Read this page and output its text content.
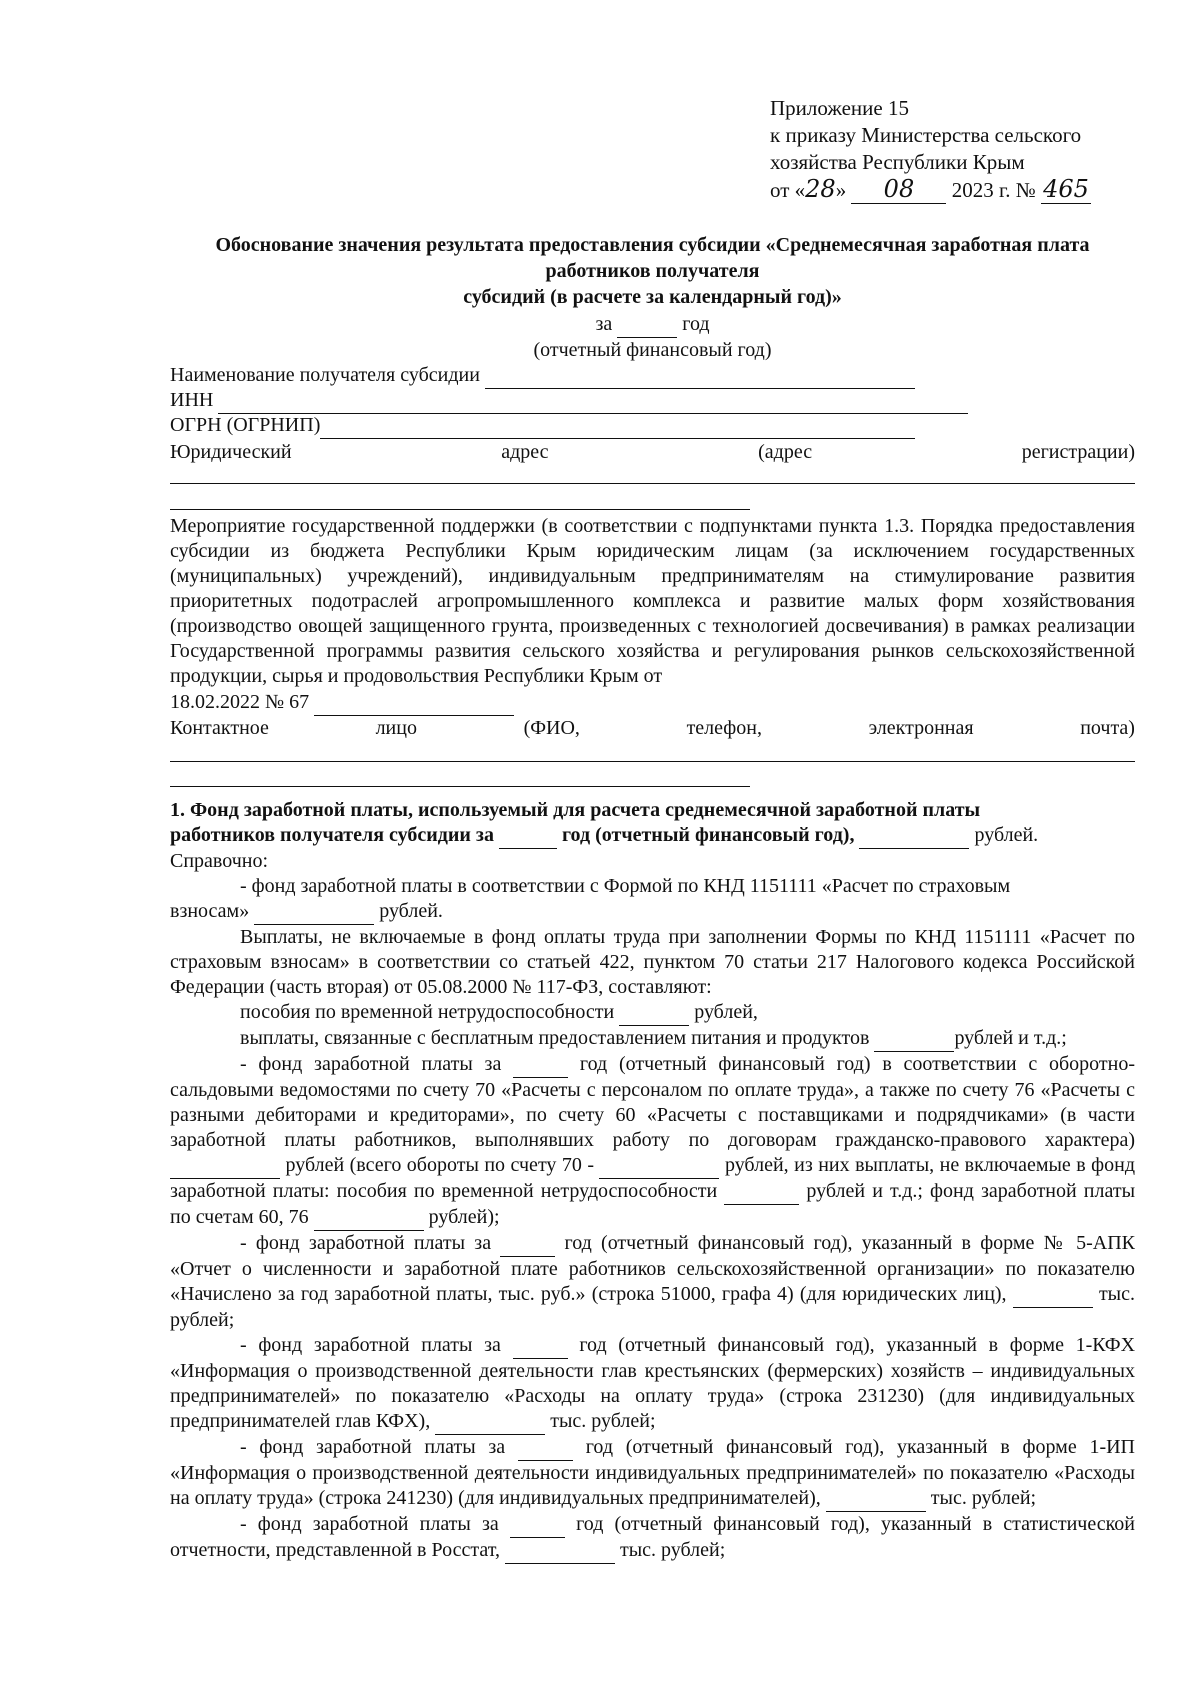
Приложение 15
к приказу Министерства сельского
хозяйства Республики Крым
от «28» 08 2023 г. № 465
Обоснование значения результата предоставления субсидии «Среднемесячная заработная плата
работников получателя
субсидий (в расчете за календарный год)»
за	год
(отчетный финансовый год)
Наименование получателя субсидии
ИНН
ОГРН (ОГРНИП)
Юридический	адрес	(адрес	регистрации)
Мероприятие государственной поддержки (в соответствии с подпунктами пункта 1.3. Порядка предоставления субсидии из бюджета Республики Крым юридическим лицам (за исключением государственных (муниципальных) учреждений), индивидуальным предпринимателям на стимулирование развития приоритетных подотраслей агропромышленного комплекса и развитие малых форм хозяйствования (производство овощей защищенного грунта, произведенных с технологией досвечивания) в рамках реализации Государственной программы развития сельского хозяйства и регулирования рынков сельскохозяйственной продукции, сырья и продовольствия Республики Крым от
18.02.2022 № 67
Контактное	лицо	(ФИО,	телефон,	электронная	почта)
1. Фонд заработной платы, используемый для расчета среднемесячной заработной платы
работников получателя субсидии за	год (отчетный финансовый год),	рублей.
Справочно:
- фонд заработной платы в соответствии с Формой по КНД 1151111 «Расчет по страховым
взносам»	рублей.
Выплаты, не включаемые в фонд оплаты труда при заполнении Формы по КНД 1151111 «Расчет по страховым взносам» в соответствии со статьей 422, пунктом 70 статьи 217 Налогового кодекса Российской Федерации (часть вторая) от 05.08.2000 № 117-ФЗ, составляют:
пособия по временной нетрудоспособности	рублей,
выплаты, связанные с бесплатным предоставлением питания и продуктов	рублей и т.д.;
- фонд заработной платы за	год (отчетный финансовый год) в соответствии с оборотно-сальдовыми ведомостями по счету 70 «Расчеты с персоналом по оплате труда», а также по счету 76 «Расчеты с разными дебиторами и кредиторами», по счету 60 «Расчеты с поставщиками и подрядчиками» (в части заработной платы работников, выполнявших работу по договорам гражданско-правового характера)   рублей (всего обороты по счету 70 -	рублей, из них выплаты, не включаемые в фонд заработной платы: пособия по временной нетрудоспособности	рублей и т.д.; фонд заработной платы по счетам 60, 76	рублей);
- фонд заработной платы за	год (отчетный финансовый год), указанный в форме № 5-АПК «Отчет о численности и заработной плате работников сельскохозяйственной организации» по показателю «Начислено за год заработной платы, тыс. руб.» (строка 51000, графа 4) (для юридических лиц),	тыс. рублей;
- фонд заработной платы за	год (отчетный финансовый год), указанный в форме 1-КФХ «Информация о производственной деятельности глав крестьянских (фермерских) хозяйств – индивидуальных предпринимателей» по показателю «Расходы на оплату труда» (строка 231230) (для индивидуальных предпринимателей глав КФХ),	тыс. рублей;
- фонд заработной платы за	год (отчетный финансовый год), указанный в форме 1-ИП «Информация о производственной деятельности индивидуальных предпринимателей» по показателю «Расходы на оплату труда» (строка 241230) (для индивидуальных предпринимателей),	тыс. рублей;
- фонд заработной платы за	год (отчетный финансовый год), указанный в статистической отчетности, представленной в Росстат,	тыс. рублей;
